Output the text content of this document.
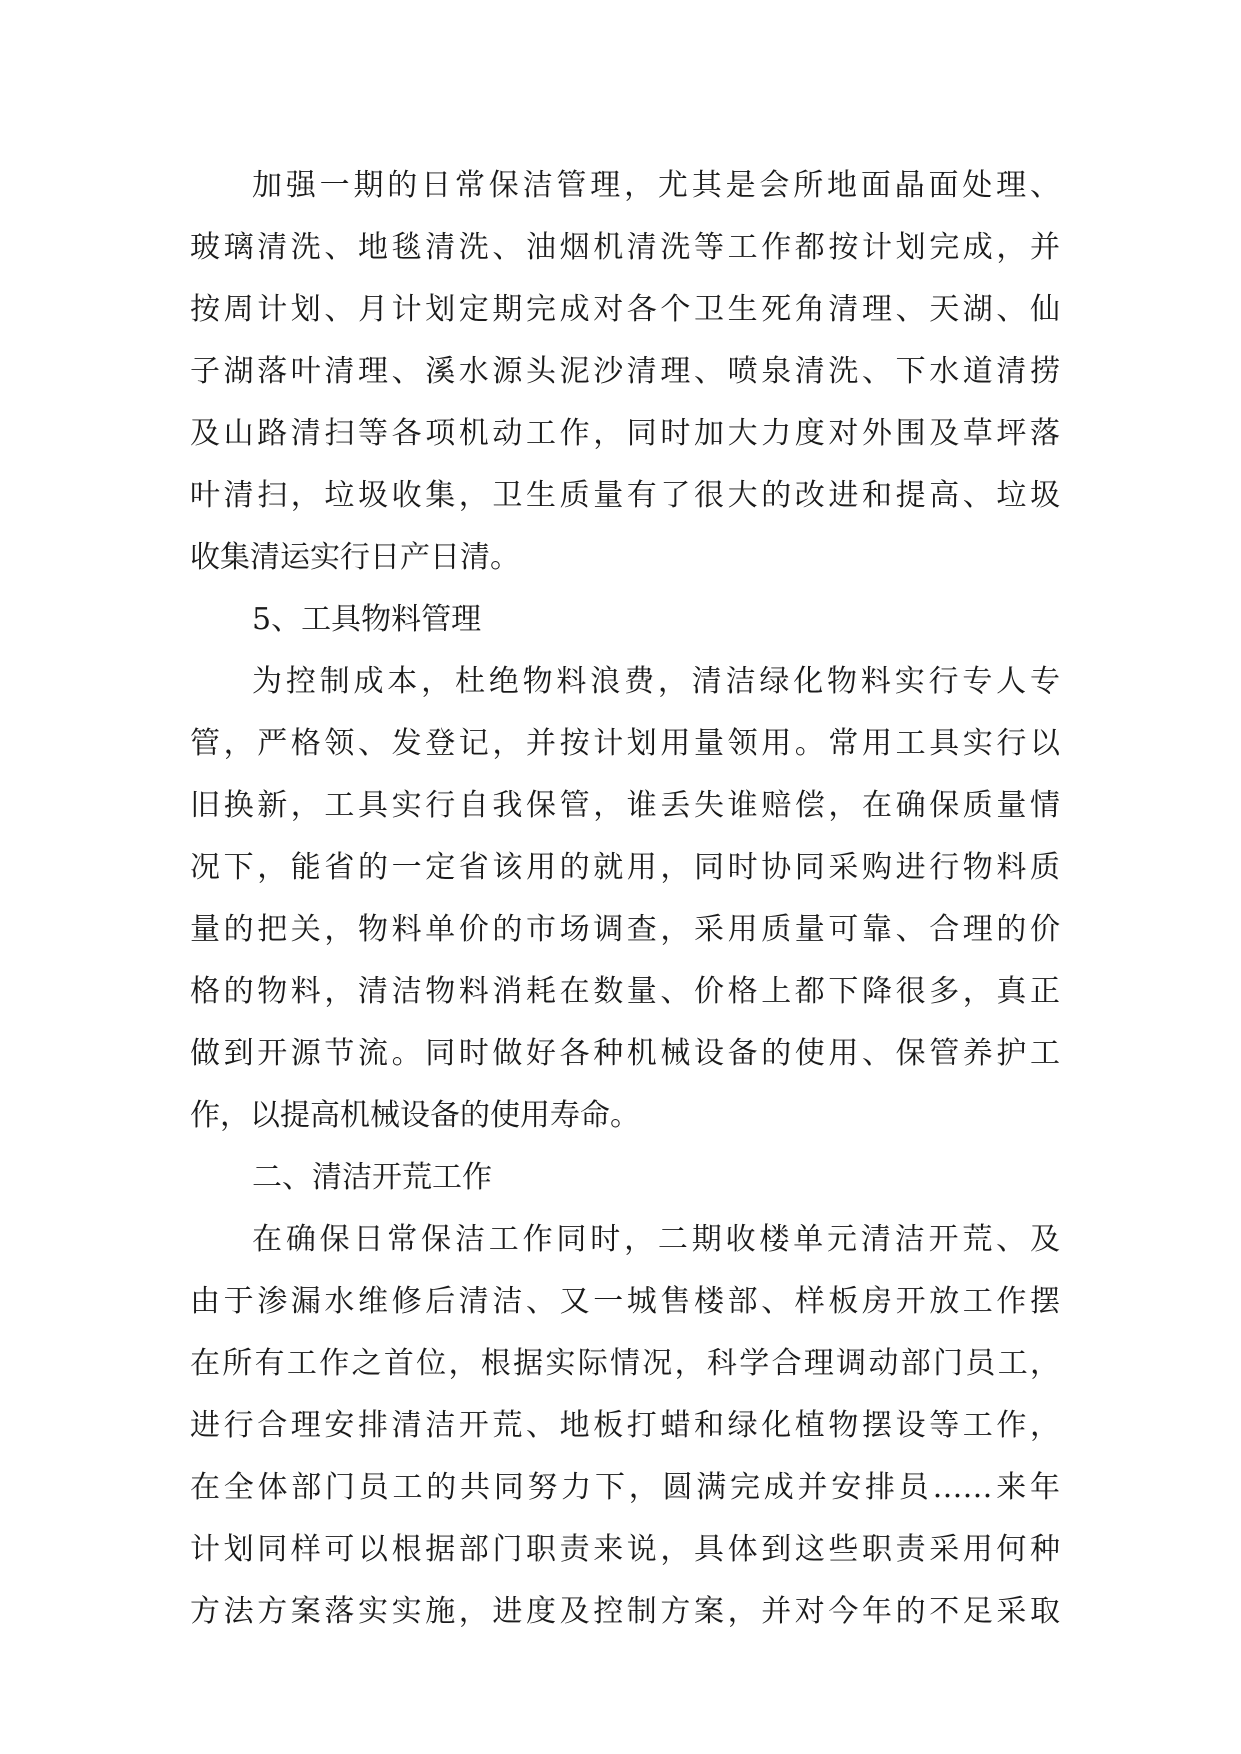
加强一期的日常保洁管理，尤其是会所地面晶面处理、
玻璃清洗、地毯清洗、油烟机清洗等工作都按计划完成，并
按周计划、月计划定期完成对各个卫生死角清理、天湖、仙
子湖落叶清理、溪水源头泥沙清理、喷泉清洗、下水道清捞
及山路清扫等各项机动工作，同时加大力度对外围及草坪落
叶清扫，垃圾收集，卫生质量有了很大的改进和提高、垃圾
收集清运实行日产日清。
5、工具物料管理
为控制成本，杜绝物料浪费，清洁绿化物料实行专人专
管，严格领、发登记，并按计划用量领用。常用工具实行以
旧换新，工具实行自我保管，谁丢失谁赔偿，在确保质量情
况下，能省的一定省该用的就用，同时协同采购进行物料质
量的把关，物料单价的市场调查，采用质量可靠、合理的价
格的物料，清洁物料消耗在数量、价格上都下降很多，真正
做到开源节流。同时做好各种机械设备的使用、保管养护工
作，以提高机械设备的使用寿命。
二、清洁开荒工作
在确保日常保洁工作同时，二期收楼单元清洁开荒、及
由于渗漏水维修后清洁、又一城售楼部、样板房开放工作摆
在所有工作之首位，根据实际情况，科学合理调动部门员工，
进行合理安排清洁开荒、地板打蜡和绿化植物摆设等工作，
在全体部门员工的共同努力下，圆满完成并安排员……来年
计划同样可以根据部门职责来说，具体到这些职责采用何种
方法方案落实实施，进度及控制方案，并对今年的不足采取
